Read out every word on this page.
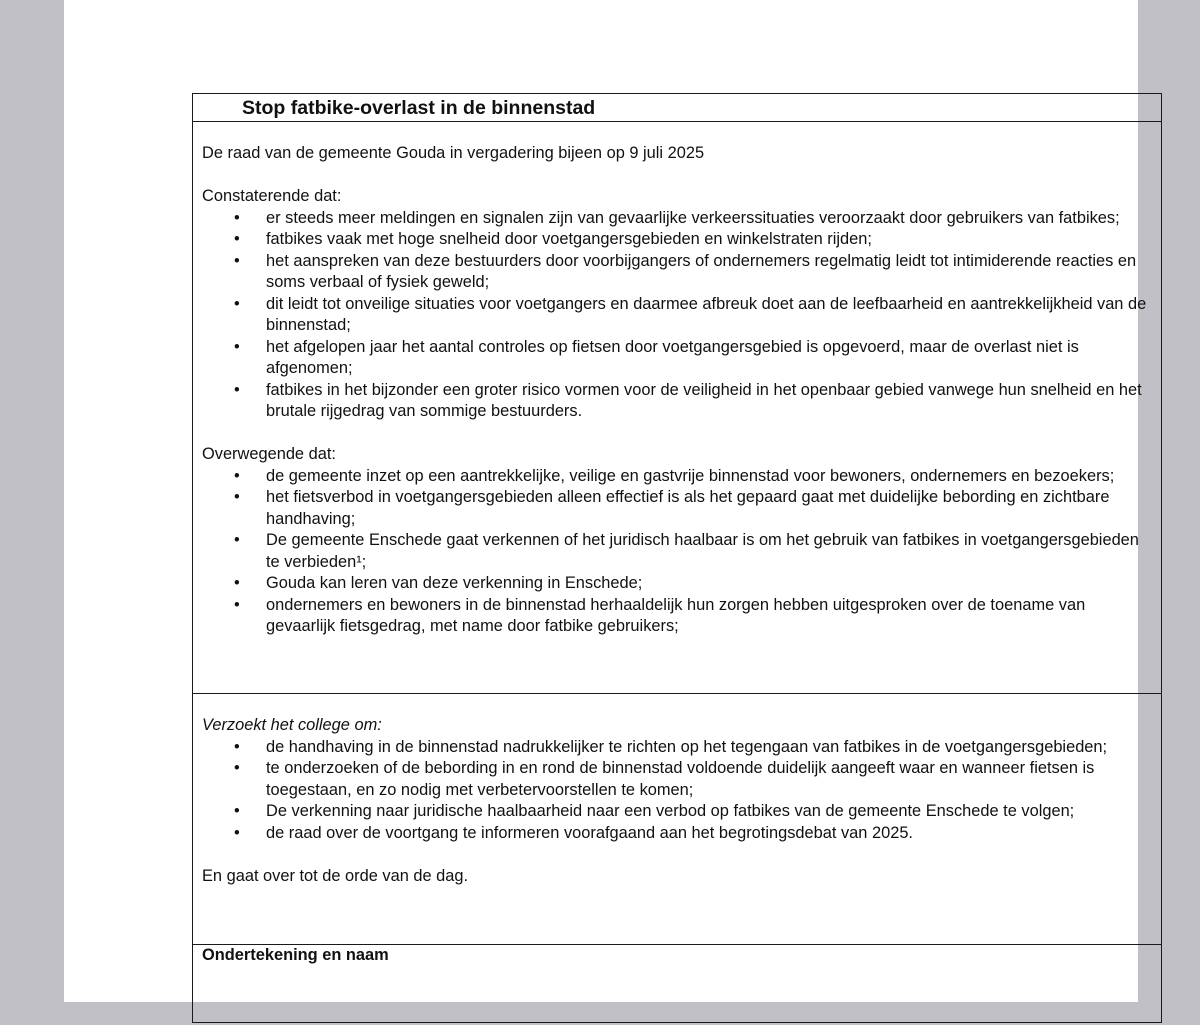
Stop fatbike-overlast in de binnenstad

De raad van de gemeente Gouda in vergadering bijeen op 9 juli 2025

Constaterende dat:

• er steeds meer meldingen en signalen zijn van gevaarlijke verkeerssituaties veroorzaakt door gebruikers van fatbikes;
• fatbikes vaak met hoge snelheid door voetgangersgebieden en winkelstraten rijden;
• het aanspreken van deze bestuurders door voorbijgangers of ondernemers regelmatig leidt tot intimiderende reacties en soms verbaal of fysiek geweld;
• dit leidt tot onveilige situaties voor voetgangers en daarmee afbreuk doet aan de leefbaarheid en aantrekkelijkheid van de binnenstad;
• het afgelopen jaar het aantal controles op fietsen door voetgangersgebied is opgevoerd, maar de overlast niet is afgenomen;
• fatbikes in het bijzonder een groter risico vormen voor de veiligheid in het openbaar gebied vanwege hun snelheid en het brutale rijgedrag van sommige bestuurders.

Overwegende dat:

• de gemeente inzet op een aantrekkelijke, veilige en gastvrije binnenstad voor bewoners, ondernemers en bezoekers;
• het fietsverbod in voetgangersgebieden alleen effectief is als het gepaard gaat met duidelijke bebording en zichtbare handhaving;
• De gemeente Enschede gaat verkennen of het juridisch haalbaar is om het gebruik van fatbikes in voetgangersgebieden te verbieden¹;
• Gouda kan leren van deze verkenning in Enschede;
• ondernemers en bewoners in de binnenstad herhaaldelijk hun zorgen hebben uitgesproken over de toename van gevaarlijk fietsgedrag, met name door fatbike gebruikers;

Verzoekt het college om:

• de handhaving in de binnenstad nadrukkelijker te richten op het tegengaan van fatbikes in de voetgangersgebieden;
• te onderzoeken of de bebording in en rond de binnenstad voldoende duidelijk aangeeft waar en wanneer fietsen is toegestaan, en zo nodig met verbetervoorstellen te komen;
• De verkenning naar juridische haalbaarheid naar een verbod op fatbikes van de gemeente Enschede te volgen;
• de raad over de voortgang te informeren voorafgaand aan het begrotingsdebat van 2025.

En gaat over tot de orde van de dag.

Ondertekening en naam
